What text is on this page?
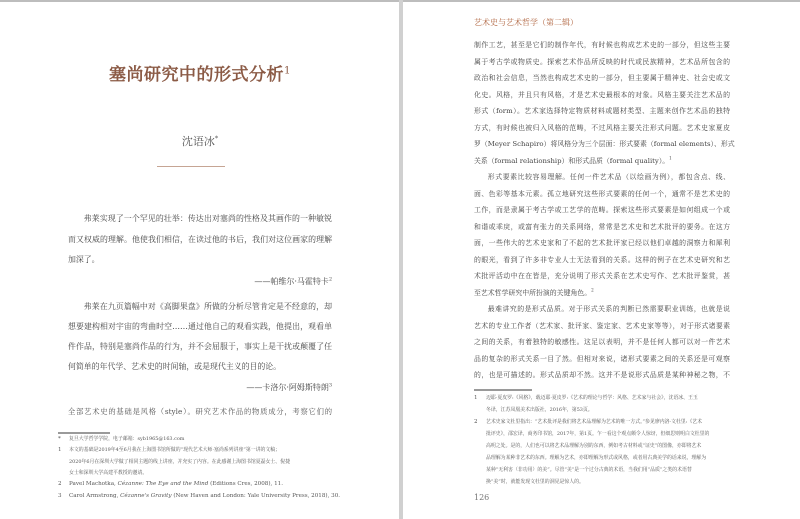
塞尚研究中的形式分析$^1$
沈语冰*
艺术史与艺术哲学（第二辑）
126
弗莱实现了一个罕见的壮举：传达出对塞尚的性格及其画作的一种敏锐
而又权威的理解。他使我们相信，在读过他的书后，我们对这位画家的理解
加深了。
——帕维尔·马霍特卡$^2$
弗莱在九页篇幅中对《高脚果盘》所做的分析尽管肯定是不经意的，却
想要建构相对宇宙的弯曲时空……通过他自己的观看实践，他提出，观看单
件作品，特别是塞尚作品的行为，并不会屈服于，事实上是干扰或颠覆了任
何简单的年代学、艺术史的时间轴，或是现代主义的目的论。
——卡洛尔·阿姆斯特朗$^3$
全部艺术史的基础是风格（style）。研究艺术作品的物质成分，考察它们的
* 复旦大学哲学学院，电子邮箱：syb1965@163.com
1 本文的基础是2019年4至6月我在上海图书馆所做的“现代艺术大师·塞尚系列讲座”第一讲的文稿；
2020年6月在深圳大学做了相同主题的线上讲座，并充实了内容。在此感谢上海图书馆夏磊女士、倪捷
女士和深圳大学高建平教授的邀请。
2 Pavel Machotka, Cézanne: The Eye and the Mind (Editions Cres, 2008), 11.
3 Carol Armstrong, Cézanne's Gravity (New Haven and London: Yale University Press, 2018), 30.
制作工艺，甚至是它们的制作年代，有时候也构成艺术史的一部分，但这些主要
属于考古学或物质史。探索艺术作品所反映的时代或民族精神，艺术品所包含的
政治和社会信息，当然也构成艺术史的一部分，但主要属于精神史、社会史或文
化史。风格，并且只有风格，才是艺术史最根本的对象。风格主要关注艺术品的
形式（form）。艺术家选择特定物质材料或题材类型、主题来创作艺术品的独特
方式，有时候也被归入风格的范畴，不过风格主要关注形式问题。艺术史家夏皮
罗（Meyer Schapiro）将风格分为三个层面：形式要素（formal elements）、形式
关系（formal relationship）和形式品质（formal quality）。$^1$
形式要素比较容易理解。任何一件艺术品（以绘画为例），都包含点、线、
面、色彩等基本元素。孤立地研究这些形式要素的任何一个，通常不是艺术史的
工作，而是隶属于考古学或工艺学的范畴。探索这些形式要素是如何组成一个或
和谐或乖戾，或富有张力的关系网络，常常是艺术史和艺术批评的要务。在这方
面，一些伟大的艺术史家和了不起的艺术批评家已经以他们卓越的洞察力和犀利
的眼光，看到了许多非专业人士无法看到的关系。这样的例子在艺术史研究和艺
术批评活动中在在皆是，充分说明了形式关系在艺术史写作、艺术批评鉴赏，甚
至艺术哲学研究中所扮演的关键角色。$^2$
最难讲究的是形式品质。对于形式关系的判断已然需要职业训练，也就是说
艺术的专业工作者（艺术家、批评家、鉴定家、艺术史家等等），对于形式诸要素
之间的关系，有着独特的敏感性。这足以表明，并不是任何人都可以对一件艺术
品的复杂的形式关系一目了然。但相对来说，诸形式要素之间的关系还是可观察
的，也是可描述的。形式品质却不然。这并不是说形式品质是某种神秘之物，不
1 迈耶·夏皮罗:《风格》，载迈耶·夏皮罗:《艺术的理论与哲学：风格、艺术家与社会》，沈语冰、王玉
冬译，江苏凤凰美术出版社，2016年，第53页。
2 艺术史家文杜里指出：“艺术批评是我们将艺术品理解为艺术的唯一方式。”参见廖内洛·文杜里:《艺术
批评史》，邵宏译，商务印书馆，2017年，第1页。乍一看这个观点颇令人惊讶，但细思则明白文杜里的
高明之处。是的，人们也可以将艺术品理解为别的东西，例如考古材料或“证史”的图像，亦即将艺术
品理解为某种非艺术的东西。理解为艺术，亦即理解为形式或风格，或者用古典美学的话来说，理解为
某种“无利害（非功用）的美”。尽管“美”是一个过分古典的术语，当我们用“品质”之类的术语替
换“美”时，就能发现文杜里的洞见是惊人的。
